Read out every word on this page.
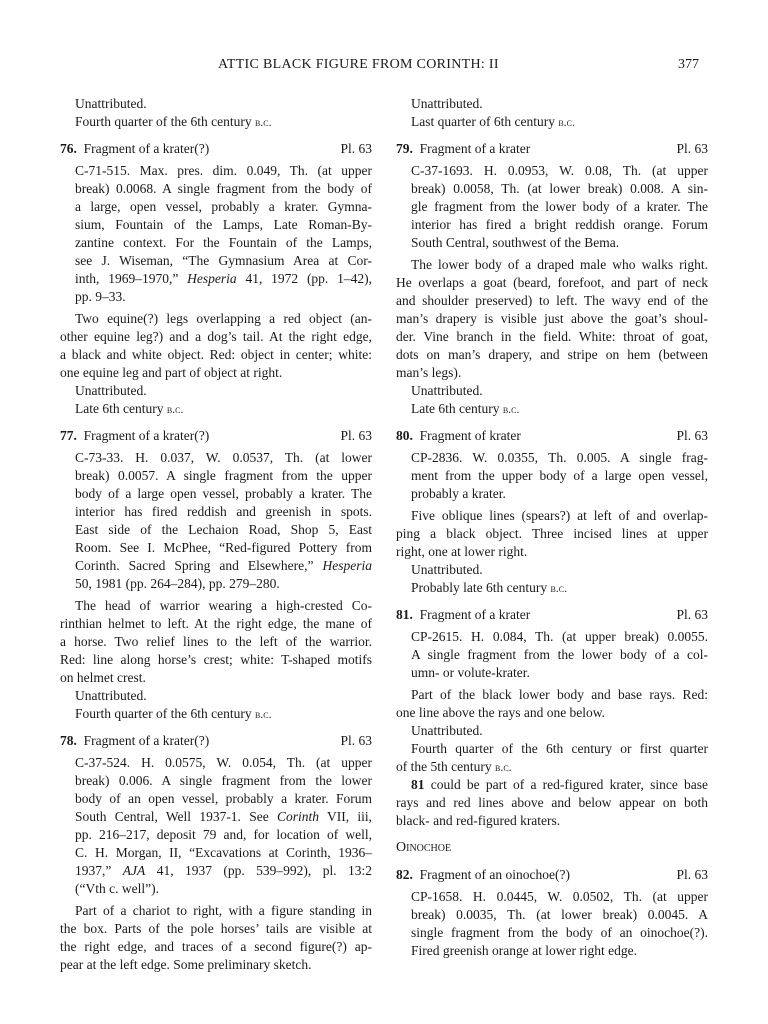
ATTIC BLACK FIGURE FROM CORINTH: II	377
Unattributed.
Fourth quarter of the 6th century b.c.
76. Fragment of a krater(?)	Pl. 63
C-71-515. Max. pres. dim. 0.049, Th. (at upper
break) 0.0068. A single fragment from the body of
a large, open vessel, probably a krater. Gymna-
sium, Fountain of the Lamps, Late Roman-By-
zantine context. For the Fountain of the Lamps,
see J. Wiseman, “The Gymnasium Area at Cor-
inth, 1969–1970,” Hesperia 41, 1972 (pp. 1–42),
pp. 9–33.
Two equine(?) legs overlapping a red object (an-
other equine leg?) and a dog’s tail. At the right edge,
a black and white object. Red: object in center; white:
one equine leg and part of object at right.
Unattributed.
Late 6th century b.c.
77. Fragment of a krater(?)	Pl. 63
C-73-33. H. 0.037, W. 0.0537, Th. (at lower
break) 0.0057. A single fragment from the upper
body of a large open vessel, probably a krater. The
interior has fired reddish and greenish in spots.
East side of the Lechaion Road, Shop 5, East
Room. See I. McPhee, “Red-figured Pottery from
Corinth. Sacred Spring and Elsewhere,” Hesperia
50, 1981 (pp. 264–284), pp. 279–280.
The head of warrior wearing a high-crested Co-
rinthian helmet to left. At the right edge, the mane of
a horse. Two relief lines to the left of the warrior.
Red: line along horse’s crest; white: T-shaped motifs
on helmet crest.
Unattributed.
Fourth quarter of the 6th century b.c.
78. Fragment of a krater(?)	Pl. 63
C-37-524. H. 0.0575, W. 0.054, Th. (at upper
break) 0.006. A single fragment from the lower
body of an open vessel, probably a krater. Forum
South Central, Well 1937-1. See Corinth VII, iii,
pp. 216–217, deposit 79 and, for location of well,
C. H. Morgan, II, “Excavations at Corinth, 1936–
1937,” AJA 41, 1937 (pp. 539–992), pl. 13:2
(“Vth c. well”).
Part of a chariot to right, with a figure standing in
the box. Parts of the pole horses’ tails are visible at
the right edge, and traces of a second figure(?) ap-
pear at the left edge. Some preliminary sketch.
Unattributed.
Last quarter of 6th century b.c.
79. Fragment of a krater	Pl. 63
C-37-1693. H. 0.0953, W. 0.08, Th. (at upper
break) 0.0058, Th. (at lower break) 0.008. A sin-
gle fragment from the lower body of a krater. The
interior has fired a bright reddish orange. Forum
South Central, southwest of the Bema.
The lower body of a draped male who walks right.
He overlaps a goat (beard, forefoot, and part of neck
and shoulder preserved) to left. The wavy end of the
man’s drapery is visible just above the goat’s shoul-
der. Vine branch in the field. White: throat of goat,
dots on man’s drapery, and stripe on hem (between
man’s legs).
Unattributed.
Late 6th century b.c.
80. Fragment of krater	Pl. 63
CP-2836. W. 0.0355, Th. 0.005. A single frag-
ment from the upper body of a large open vessel,
probably a krater.
Five oblique lines (spears?) at left of and overlap-
ping a black object. Three incised lines at upper
right, one at lower right.
Unattributed.
Probably late 6th century b.c.
81. Fragment of a krater	Pl. 63
CP-2615. H. 0.084, Th. (at upper break) 0.0055.
A single fragment from the lower body of a col-
umn- or volute-krater.
Part of the black lower body and base rays. Red:
one line above the rays and one below.
Unattributed.
Fourth quarter of the 6th century or first quarter
of the 5th century b.c.
81 could be part of a red-figured krater, since base
rays and red lines above and below appear on both
black- and red-figured kraters.
Oinochoe
82. Fragment of an oinochoe(?)	Pl. 63
CP-1658. H. 0.0445, W. 0.0502, Th. (at upper
break) 0.0035, Th. (at lower break) 0.0045. A
single fragment from the body of an oinochoe(?).
Fired greenish orange at lower right edge.
